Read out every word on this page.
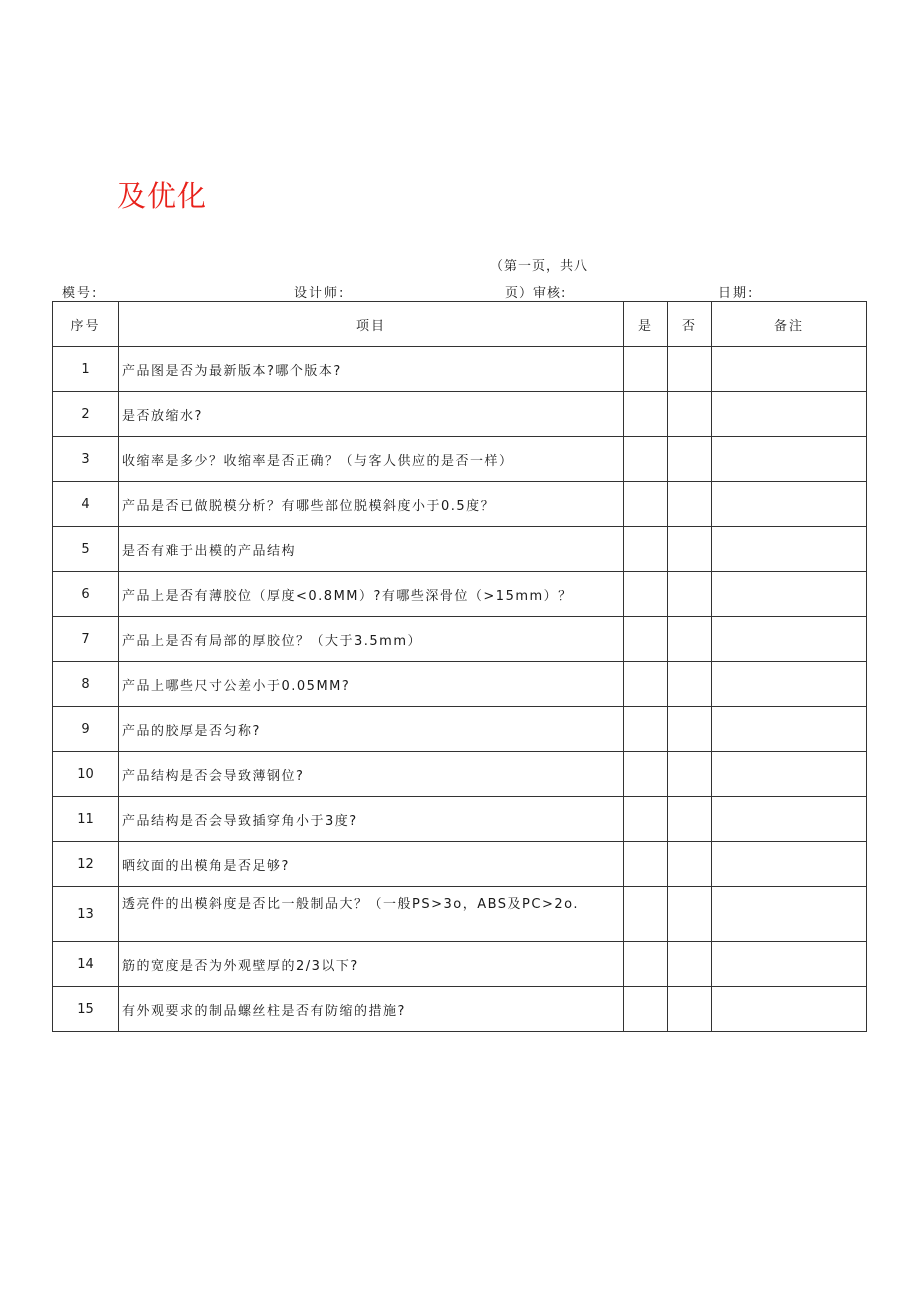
及优化
（第一页，共八
模号:	设计师:	页）审核:	日期:
序号	项目	是	否	备注
1	产品图是否为最新版本?哪个版本?			
2	是否放缩水?			
3	收缩率是多少？收缩率是否正确？（与客人供应的是否一样）			
4	产品是否已做脱模分析？有哪些部位脱模斜度小于0.5度？			
5	是否有难于出模的产品结构			
6	产品上是否有薄胶位（厚度<0.8MM）?有哪些深骨位（>15mm）？			
7	产品上是否有局部的厚胶位？（大于3.5mm）			
8	产品上哪些尺寸公差小于0.05MM?			
9	产品的胶厚是否匀称?			
10	产品结构是否会导致薄钢位?			
11	产品结构是否会导致插穿角小于3度?			
12	晒纹面的出模角是否足够?			
13	透亮件的出模斜度是否比一般制品大？（一般PS>3o，ABS及PC>2o.			
14	筋的宽度是否为外观壁厚的2/3以下?			
15	有外观要求的制品螺丝柱是否有防缩的措施?			
